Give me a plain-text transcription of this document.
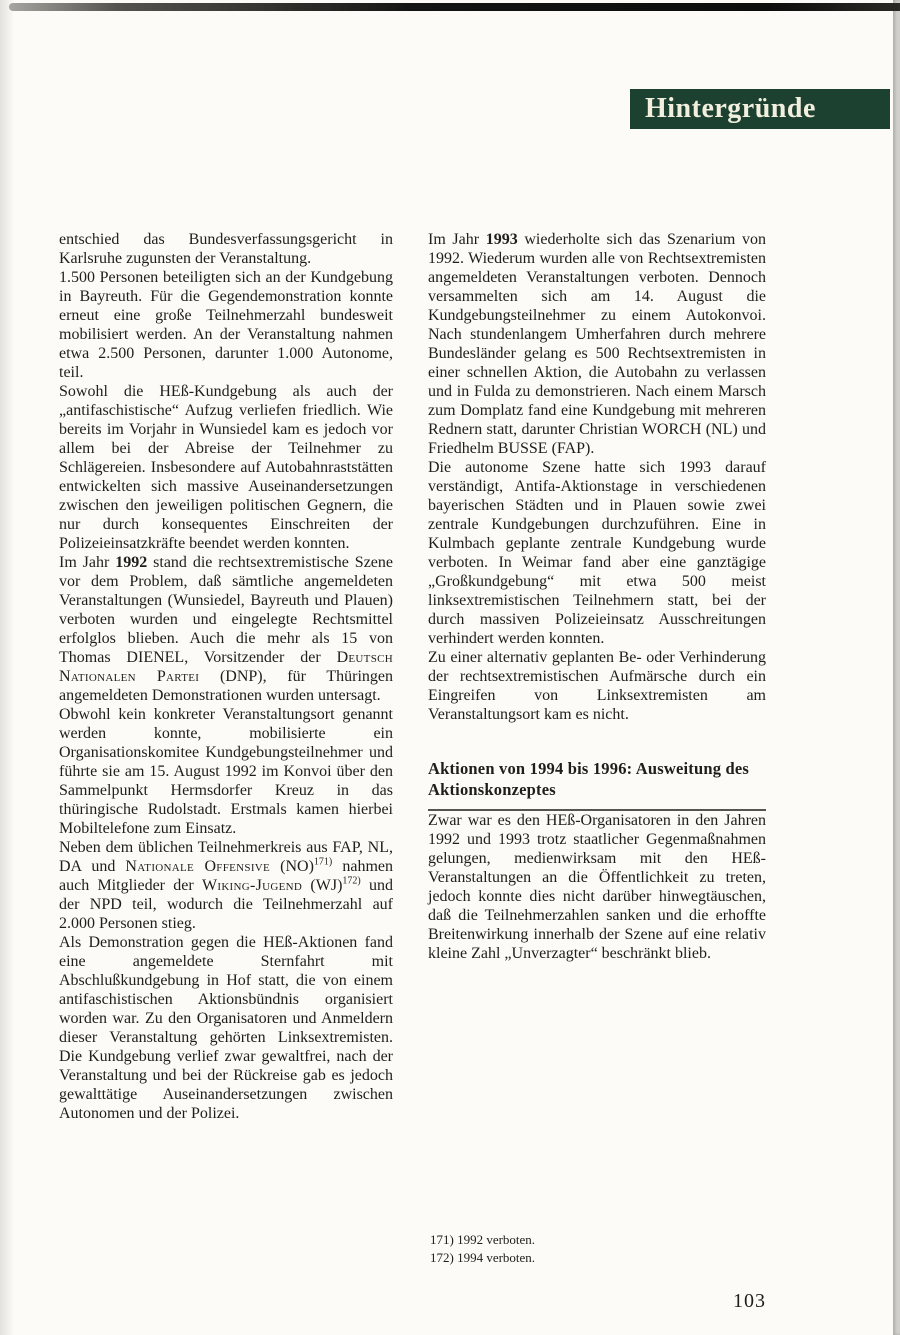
Hintergründe

entschied das Bundesverfassungsgericht in Karlsruhe zugunsten der Veranstaltung.

1.500 Personen beteiligten sich an der Kundgebung in Bayreuth. Für die Gegendemonstration konnte erneut eine große Teilnehmerzahl bundesweit mobilisiert werden. An der Veranstaltung nahmen etwa 2.500 Personen, darunter 1.000 Autonome, teil.

Sowohl die HEß-Kundgebung als auch der „antifaschistische“ Aufzug verliefen friedlich. Wie bereits im Vorjahr in Wunsiedel kam es jedoch vor allem bei der Abreise der Teilnehmer zu Schlägereien. Insbesondere auf Autobahnraststätten entwickelten sich massive Auseinandersetzungen zwischen den jeweiligen politischen Gegnern, die nur durch konsequentes Einschreiten der Polizeieinsatzkräfte beendet werden konnten.

Im Jahr 1992 stand die rechtsextremistische Szene vor dem Problem, daß sämtliche angemeldeten Veranstaltungen (Wunsiedel, Bayreuth und Plauen) verboten wurden und eingelegte Rechtsmittel erfolglos blieben. Auch die mehr als 15 von Thomas DIENEL, Vorsitzender der Deutsch Nationalen Partei (DNP), für Thüringen angemeldeten Demonstrationen wurden untersagt.

Obwohl kein konkreter Veranstaltungsort genannt werden konnte, mobilisierte ein Organisationskomitee Kundgebungsteilnehmer und führte sie am 15. August 1992 im Konvoi über den Sammelpunkt Hermsdorfer Kreuz in das thüringische Rudolstadt. Erstmals kamen hierbei Mobiltelefone zum Einsatz.

Neben dem üblichen Teilnehmerkreis aus FAP, NL, DA und Nationale Offensive (NO)$^{171)}$ nahmen auch Mitglieder der Wiking-Jugend (WJ)$^{172)}$ und der NPD teil, wodurch die Teilnehmerzahl auf 2.000 Personen stieg.

Als Demonstration gegen die HEß-Aktionen fand eine angemeldete Sternfahrt mit Abschlußkundgebung in Hof statt, die von einem antifaschistischen Aktionsbündnis organisiert worden war. Zu den Organisatoren und Anmeldern dieser Veranstaltung gehörten Linksextremisten. Die Kundgebung verlief zwar gewaltfrei, nach der Veranstaltung und bei der Rückreise gab es jedoch gewalttätige Auseinandersetzungen zwischen Autonomen und der Polizei.

Im Jahr 1993 wiederholte sich das Szenarium von 1992. Wiederum wurden alle von Rechtsextremisten angemeldeten Veranstaltungen verboten. Dennoch versammelten sich am 14. August die Kundgebungsteilnehmer zu einem Autokonvoi. Nach stundenlangem Umherfahren durch mehrere Bundesländer gelang es 500 Rechtsextremisten in einer schnellen Aktion, die Autobahn zu verlassen und in Fulda zu demonstrieren. Nach einem Marsch zum Domplatz fand eine Kundgebung mit mehreren Rednern statt, darunter Christian WORCH (NL) und Friedhelm BUSSE (FAP).

Die autonome Szene hatte sich 1993 darauf verständigt, Antifa-Aktionstage in verschiedenen bayerischen Städten und in Plauen sowie zwei zentrale Kundgebungen durchzuführen. Eine in Kulmbach geplante zentrale Kundgebung wurde verboten. In Weimar fand aber eine ganztägige „Großkundgebung“ mit etwa 500 meist linksextremistischen Teilnehmern statt, bei der durch massiven Polizeieinsatz Ausschreitungen verhindert werden konnten.

Zu einer alternativ geplanten Be- oder Verhinderung der rechtsextremistischen Aufmärsche durch ein Eingreifen von Linksextremisten am Veranstaltungsort kam es nicht.

Aktionen von 1994 bis 1996: Ausweitung des Aktionskonzeptes

Zwar war es den HEß-Organisatoren in den Jahren 1992 und 1993 trotz staatlicher Gegenmaßnahmen gelungen, medienwirksam mit den HEß-Veranstaltungen an die Öffentlichkeit zu treten, jedoch konnte dies nicht darüber hinwegtäuschen, daß die Teilnehmerzahlen sanken und die erhoffte Breitenwirkung innerhalb der Szene auf eine relativ kleine Zahl „Unverzagter“ beschränkt blieb.

171) 1992 verboten.
172) 1994 verboten.
103
